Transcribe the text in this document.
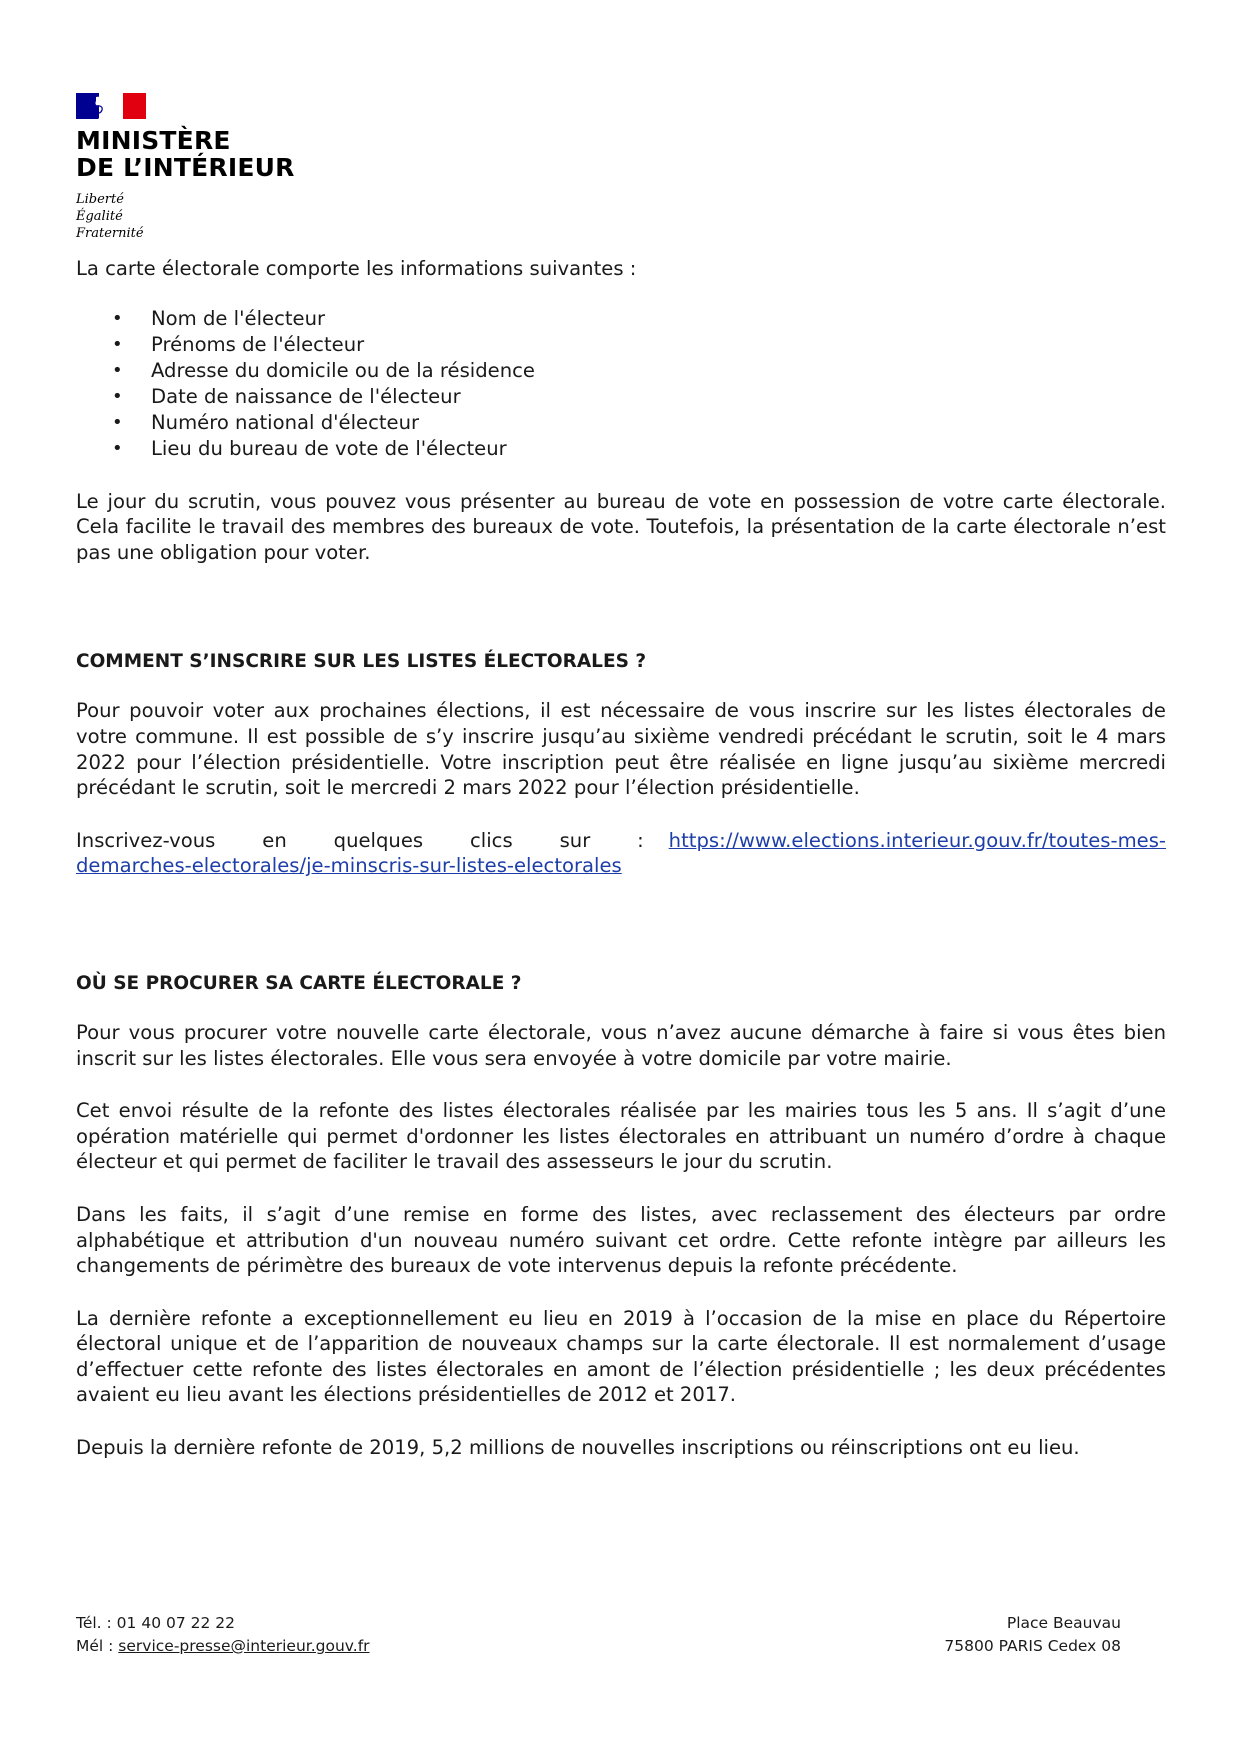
MINISTÈRE
DE L’INTÉRIEUR
Liberté
Égalité
Fraternité

La carte électorale comporte les informations suivantes :

• Nom de l'électeur
• Prénoms de l'électeur
• Adresse du domicile ou de la résidence
• Date de naissance de l'électeur
• Numéro national d'électeur
• Lieu du bureau de vote de l'électeur

Le jour du scrutin, vous pouvez vous présenter au bureau de vote en possession de votre carte électorale. Cela facilite le travail des membres des bureaux de vote. Toutefois, la présentation de la carte électorale n’est pas une obligation pour voter.

COMMENT S’INSCRIRE SUR LES LISTES ÉLECTORALES ?

Pour pouvoir voter aux prochaines élections, il est nécessaire de vous inscrire sur les listes électorales de votre commune. Il est possible de s’y inscrire jusqu’au sixième vendredi précédant le scrutin, soit le 4 mars 2022 pour l’élection présidentielle. Votre inscription peut être réalisée en ligne jusqu’au sixième mercredi précédant le scrutin, soit le mercredi 2 mars 2022 pour l’élection présidentielle.

Inscrivez-vous en quelques clics sur : https://www.elections.interieur.gouv.fr/toutes-mes-demarches-electorales/je-minscris-sur-listes-electorales

OÙ SE PROCURER SA CARTE ÉLECTORALE ?

Pour vous procurer votre nouvelle carte électorale, vous n’avez aucune démarche à faire si vous êtes bien inscrit sur les listes électorales. Elle vous sera envoyée à votre domicile par votre mairie.

Cet envoi résulte de la refonte des listes électorales réalisée par les mairies tous les 5 ans. Il s’agit d’une opération matérielle qui permet d'ordonner les listes électorales en attribuant un numéro d’ordre à chaque électeur et qui permet de faciliter le travail des assesseurs le jour du scrutin.

Dans les faits, il s’agit d’une remise en forme des listes, avec reclassement des électeurs par ordre alphabétique et attribution d'un nouveau numéro suivant cet ordre. Cette refonte intègre par ailleurs les changements de périmètre des bureaux de vote intervenus depuis la refonte précédente.

La dernière refonte a exceptionnellement eu lieu en 2019 à l’occasion de la mise en place du Répertoire électoral unique et de l’apparition de nouveaux champs sur la carte électorale. Il est normalement d’usage d’effectuer cette refonte des listes électorales en amont de l’élection présidentielle ; les deux précédentes avaient eu lieu avant les élections présidentielles de 2012 et 2017.

Depuis la dernière refonte de 2019, 5,2 millions de nouvelles inscriptions ou réinscriptions ont eu lieu.

Tél. : 01 40 07 22 22
Mél : service-presse@interieur.gouv.fr
Place Beauvau
75800 PARIS Cedex 08
